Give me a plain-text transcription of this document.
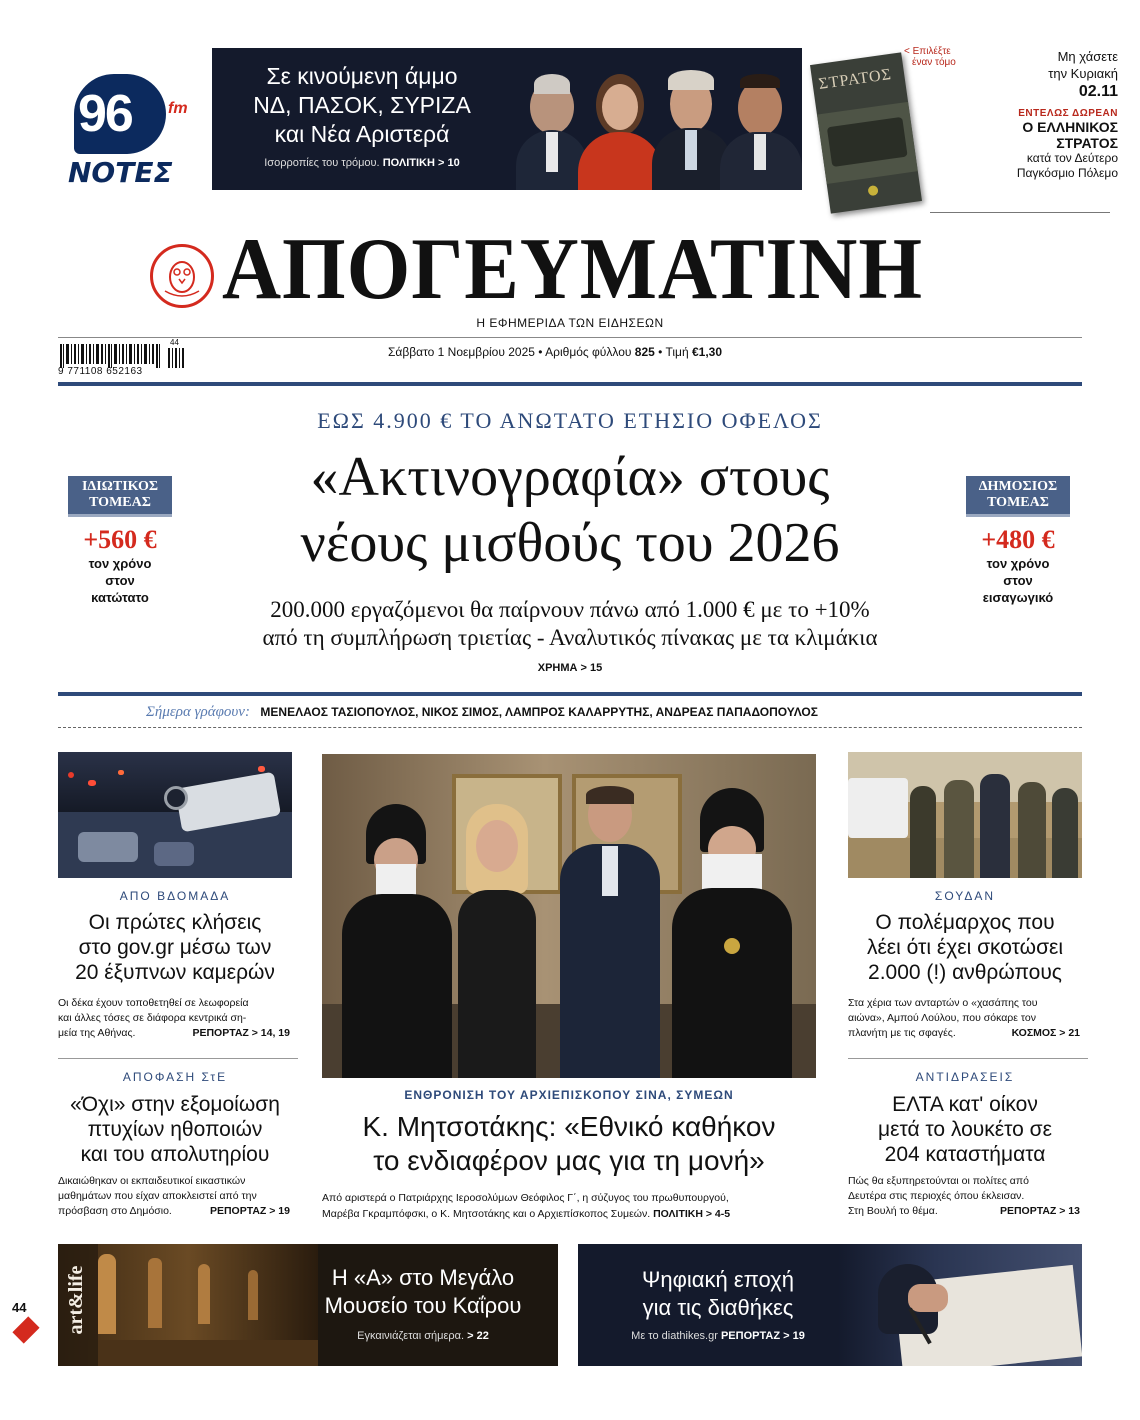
96 fm
ΝΟΤΕΣ
Σε κινούμενη άμμο
ΝΔ, ΠΑΣΟΚ, ΣΥΡΙΖΑ
και Νέα Αριστερά
Ισορροπίες του τρόμου. ΠΟΛΙΤΙΚΗ > 10
ΣΤΡΑΤΟΣ
< Επιλέξτε
έναν τόμο	Μη χάσετε
την Κυριακή
02.11
ΕΝΤΕΛΩΣ ΔΩΡΕΑΝ
Ο ΕΛΛΗΝΙΚΟΣ
ΣΤΡΑΤΟΣ
κατά τον Δεύτερο
Παγκόσμιο Πόλεμο
ΑΠΟΓΕΥΜΑΤΙΝΗ
Η ΕΦΗΜΕΡΙΔΑ ΤΩΝ ΕΙΔΗΣΕΩΝ
9 771108 652163
44
Σάββατο 1 Νοεμβρίου 2025 • Αριθμός φύλλου 825 • Τιμή €1,30
ΕΩΣ 4.900 € ΤΟ ΑΝΩΤΑΤΟ ΕΤΗΣΙΟ ΟΦΕΛΟΣ
«Ακτινογραφία» στους
νέους μισθούς του 2026
200.000 εργαζόμενοι θα παίρνουν πάνω από 1.000 € με το +10%
από τη συμπλήρωση τριετίας - Αναλυτικός πίνακας με τα κλιμάκια
ΧΡΗΜΑ > 15
ΙΔΙΩΤΙΚΟΣ
ΤΟΜΕΑΣ
+560 €
τον χρόνο
στον
κατώτατο
ΔΗΜΟΣΙΟΣ
ΤΟΜΕΑΣ
+480 €
τον χρόνο
στον
εισαγωγικό
Σήμερα γράφουν: ΜΕΝΕΛΑΟΣ ΤΑΣΙΟΠΟΥΛΟΣ, ΝΙΚΟΣ ΣΙΜΟΣ, ΛΑΜΠΡΟΣ ΚΑΛΑΡΡΥΤΗΣ, ΑΝΔΡΕΑΣ ΠΑΠΑΔΟΠΟΥΛΟΣ
ΑΠΟ ΒΔΟΜΑΔΑ
Οι πρώτες κλήσεις
στο gov.gr μέσω των
20 έξυπνων καμερών
Οι δέκα έχουν τοποθετηθεί σε λεωφορεία
και άλλες τόσες σε διάφορα κεντρικά ση-
μεία της Αθήνας.	ΡΕΠΟΡΤΑΖ > 14, 19
ΑΠΟΦΑΣΗ ΣτΕ
«Όχι» στην εξομοίωση
πτυχίων ηθοποιών
και του απολυτηρίου
Δικαιώθηκαν οι εκπαιδευτικοί εικαστικών
μαθημάτων που είχαν αποκλειστεί από την
πρόσβαση στο Δημόσιο.	ΡΕΠΟΡΤΑΖ > 19
ΕΝΘΡΟΝΙΣΗ ΤΟΥ ΑΡΧΙΕΠΙΣΚΟΠΟΥ ΣΙΝΑ, ΣΥΜΕΩΝ
Κ. Μητσοτάκης: «Εθνικό καθήκον
το ενδιαφέρον μας για τη μονή»
Από αριστερά ο Πατριάρχης Ιεροσολύμων Θεόφιλος Γ΄, η σύζυγος του πρωθυπουργού,
Μαρέβα Γκραμπόφσκι, ο Κ. Μητσοτάκης και ο Αρχιεπίσκοπος Συμεών. ΠΟΛΙΤΙΚΗ > 4-5
ΣΟΥΔΑΝ
Ο πολέμαρχος που
λέει ότι έχει σκοτώσει
2.000 (!) ανθρώπους
Στα χέρια των ανταρτών ο «χασάπης του
αιώνα», Αμπού Λούλου, που σόκαρε τον
πλανήτη με τις σφαγές.	ΚΟΣΜΟΣ > 21
ΑΝΤΙΔΡΑΣΕΙΣ
ΕΛΤΑ κατ' οίκον
μετά το λουκέτο σε
204 καταστήματα
Πώς θα εξυπηρετούνται οι πολίτες από
Δευτέρα στις περιοχές όπου έκλεισαν.
Στη Βουλή το θέμα.	ΡΕΠΟΡΤΑΖ > 13
art&life	Η «Α» στο Μεγάλο
Μουσείο του Καΐρου
Εγκαινιάζεται σήμερα. > 22
Ψηφιακή εποχή
για τις διαθήκες
Με το diathikes.gr ΡΕΠΟΡΤΑΖ > 19
44
